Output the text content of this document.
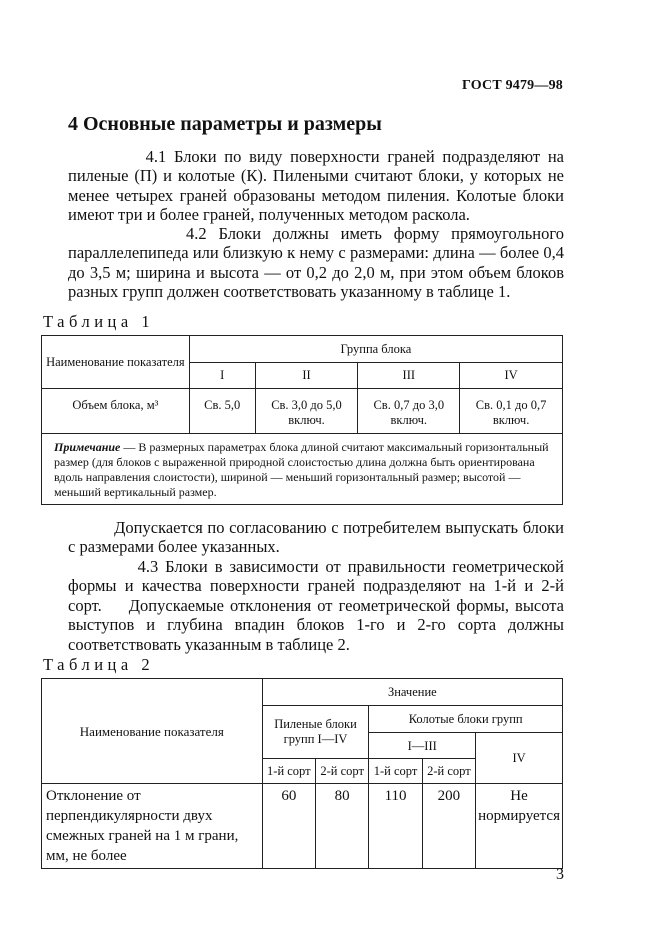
ГОСТ 9479—98
4 Основные параметры и размеры
4.1 Блоки по виду поверхности граней подразделяют на пиленые (П) и колотые (К). Пилеными считают блоки, у которых не менее четырех граней образованы методом пиления. Колотые блоки имеют три и более граней, полученных методом раскола.
4.2 Блоки должны иметь форму прямоугольного параллелепипеда или близкую к нему с размерами: длина — более 0,4 до 3,5 м; ширина и высота — от 0,2 до 2,0 м, при этом объем блоков разных групп должен соответствовать указанному в таблице 1.
Таблица 1
Наименование показателя	Группа блока			
	I	II	III	IV
Объем блока, м³	Св. 5,0	Св. 3,0 до 5,0 включ.	Св. 0,7 до 3,0 включ.	Св. 0,1 до 0,7 включ.
Примечание — В размерных параметрах блока длиной считают максимальный горизонтальный размер (для блоков с выраженной природной слоистостью длина должна быть ориентирована вдоль направления слоистости), шириной — меньший горизонтальный размер; высотой — меньший вертикальный размер.				
Допускается по согласованию с потребителем выпускать блоки с размерами более указанных.
4.3 Блоки в зависимости от правильности геометрической формы и качества поверхности граней подразделяют на 1-й и 2-й сорт.	Допускаемые отклонения от геометрической формы, высота выступов и глубина впадин блоков 1-го и 2-го сорта должны соответствовать указанным в таблице 2.
Таблица 2
Наименование показателя	Значение				
	Пиленые блоки групп I—IV		Колотые блоки групп		
			I—III		IV
	1-й сорт	2-й сорт	1-й сорт	2-й сорт	
Отклонение от перпендикулярности двух смежных граней на 1 м грани, мм, не более	60	80	110	200	Не нормируется
3
